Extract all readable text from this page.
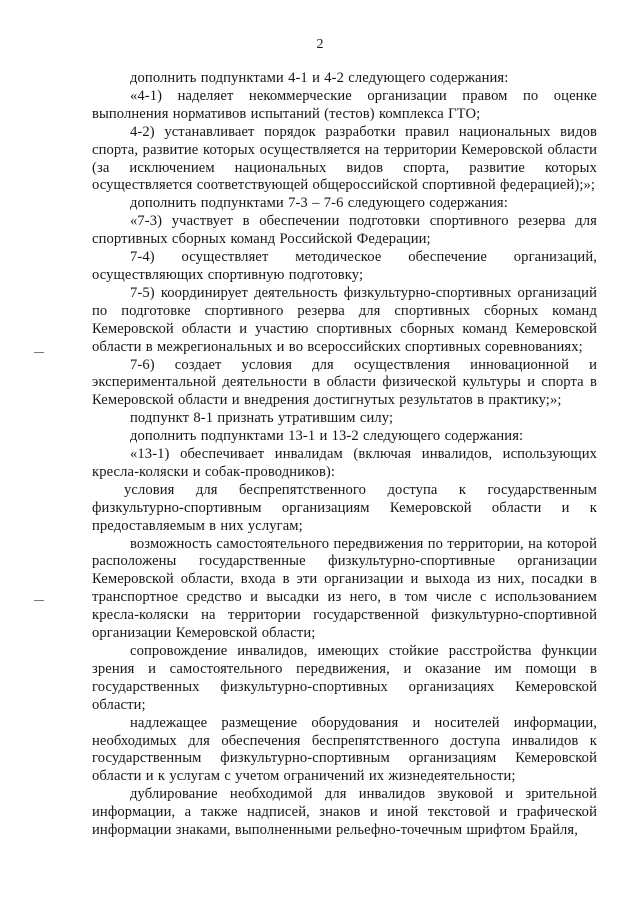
2

дополнить подпунктами 4-1 и 4-2 следующего содержания:

«4-1) наделяет некоммерческие организации правом по оценке выполнения нормативов испытаний (тестов) комплекса ГТО;

4-2) устанавливает порядок разработки правил национальных видов спорта, развитие которых осуществляется на территории Кемеровской области (за исключением национальных видов спорта, развитие которых осуществляется соответствующей общероссийской спортивной федерацией);»;

дополнить подпунктами 7-3 – 7-6 следующего содержания:

«7-3) участвует в обеспечении подготовки спортивного резерва для спортивных сборных команд Российской Федерации;

7-4) осуществляет методическое обеспечение организаций, осуществляющих спортивную подготовку;

7-5) координирует деятельность физкультурно-спортивных организаций по подготовке спортивного резерва для спортивных сборных команд Кемеровской области и участию спортивных сборных команд Кемеровской области в межрегиональных и во всероссийских спортивных соревнованиях;

7-6) создает условия для осуществления инновационной и экспериментальной деятельности в области физической культуры и спорта в Кемеровской области и внедрения достигнутых результатов в практику;»;

подпункт 8-1 признать утратившим силу;

дополнить подпунктами 13-1 и 13-2 следующего содержания:

«13-1) обеспечивает инвалидам (включая инвалидов, использующих кресла-коляски и собак-проводников):

условия для беспрепятственного доступа к государственным физкультурно-спортивным организациям Кемеровской области и к предоставляемым в них услугам;

возможность самостоятельного передвижения по территории, на которой расположены государственные физкультурно-спортивные организации Кемеровской области, входа в эти организации и выхода из них, посадки в транспортное средство и высадки из него, в том числе с использованием кресла-коляски на территории государственной физкультурно-спортивной организации Кемеровской области;

сопровождение инвалидов, имеющих стойкие расстройства функции зрения и самостоятельного передвижения, и оказание им помощи в государственных физкультурно-спортивных организациях Кемеровской области;

надлежащее размещение оборудования и носителей информации, необходимых для обеспечения беспрепятственного доступа инвалидов к государственным физкультурно-спортивным организациям Кемеровской области и к услугам с учетом ограничений их жизнедеятельности;

дублирование необходимой для инвалидов звуковой и зрительной информации, а также надписей, знаков и иной текстовой и графической информации знаками, выполненными рельефно-точечным шрифтом Брайля,
